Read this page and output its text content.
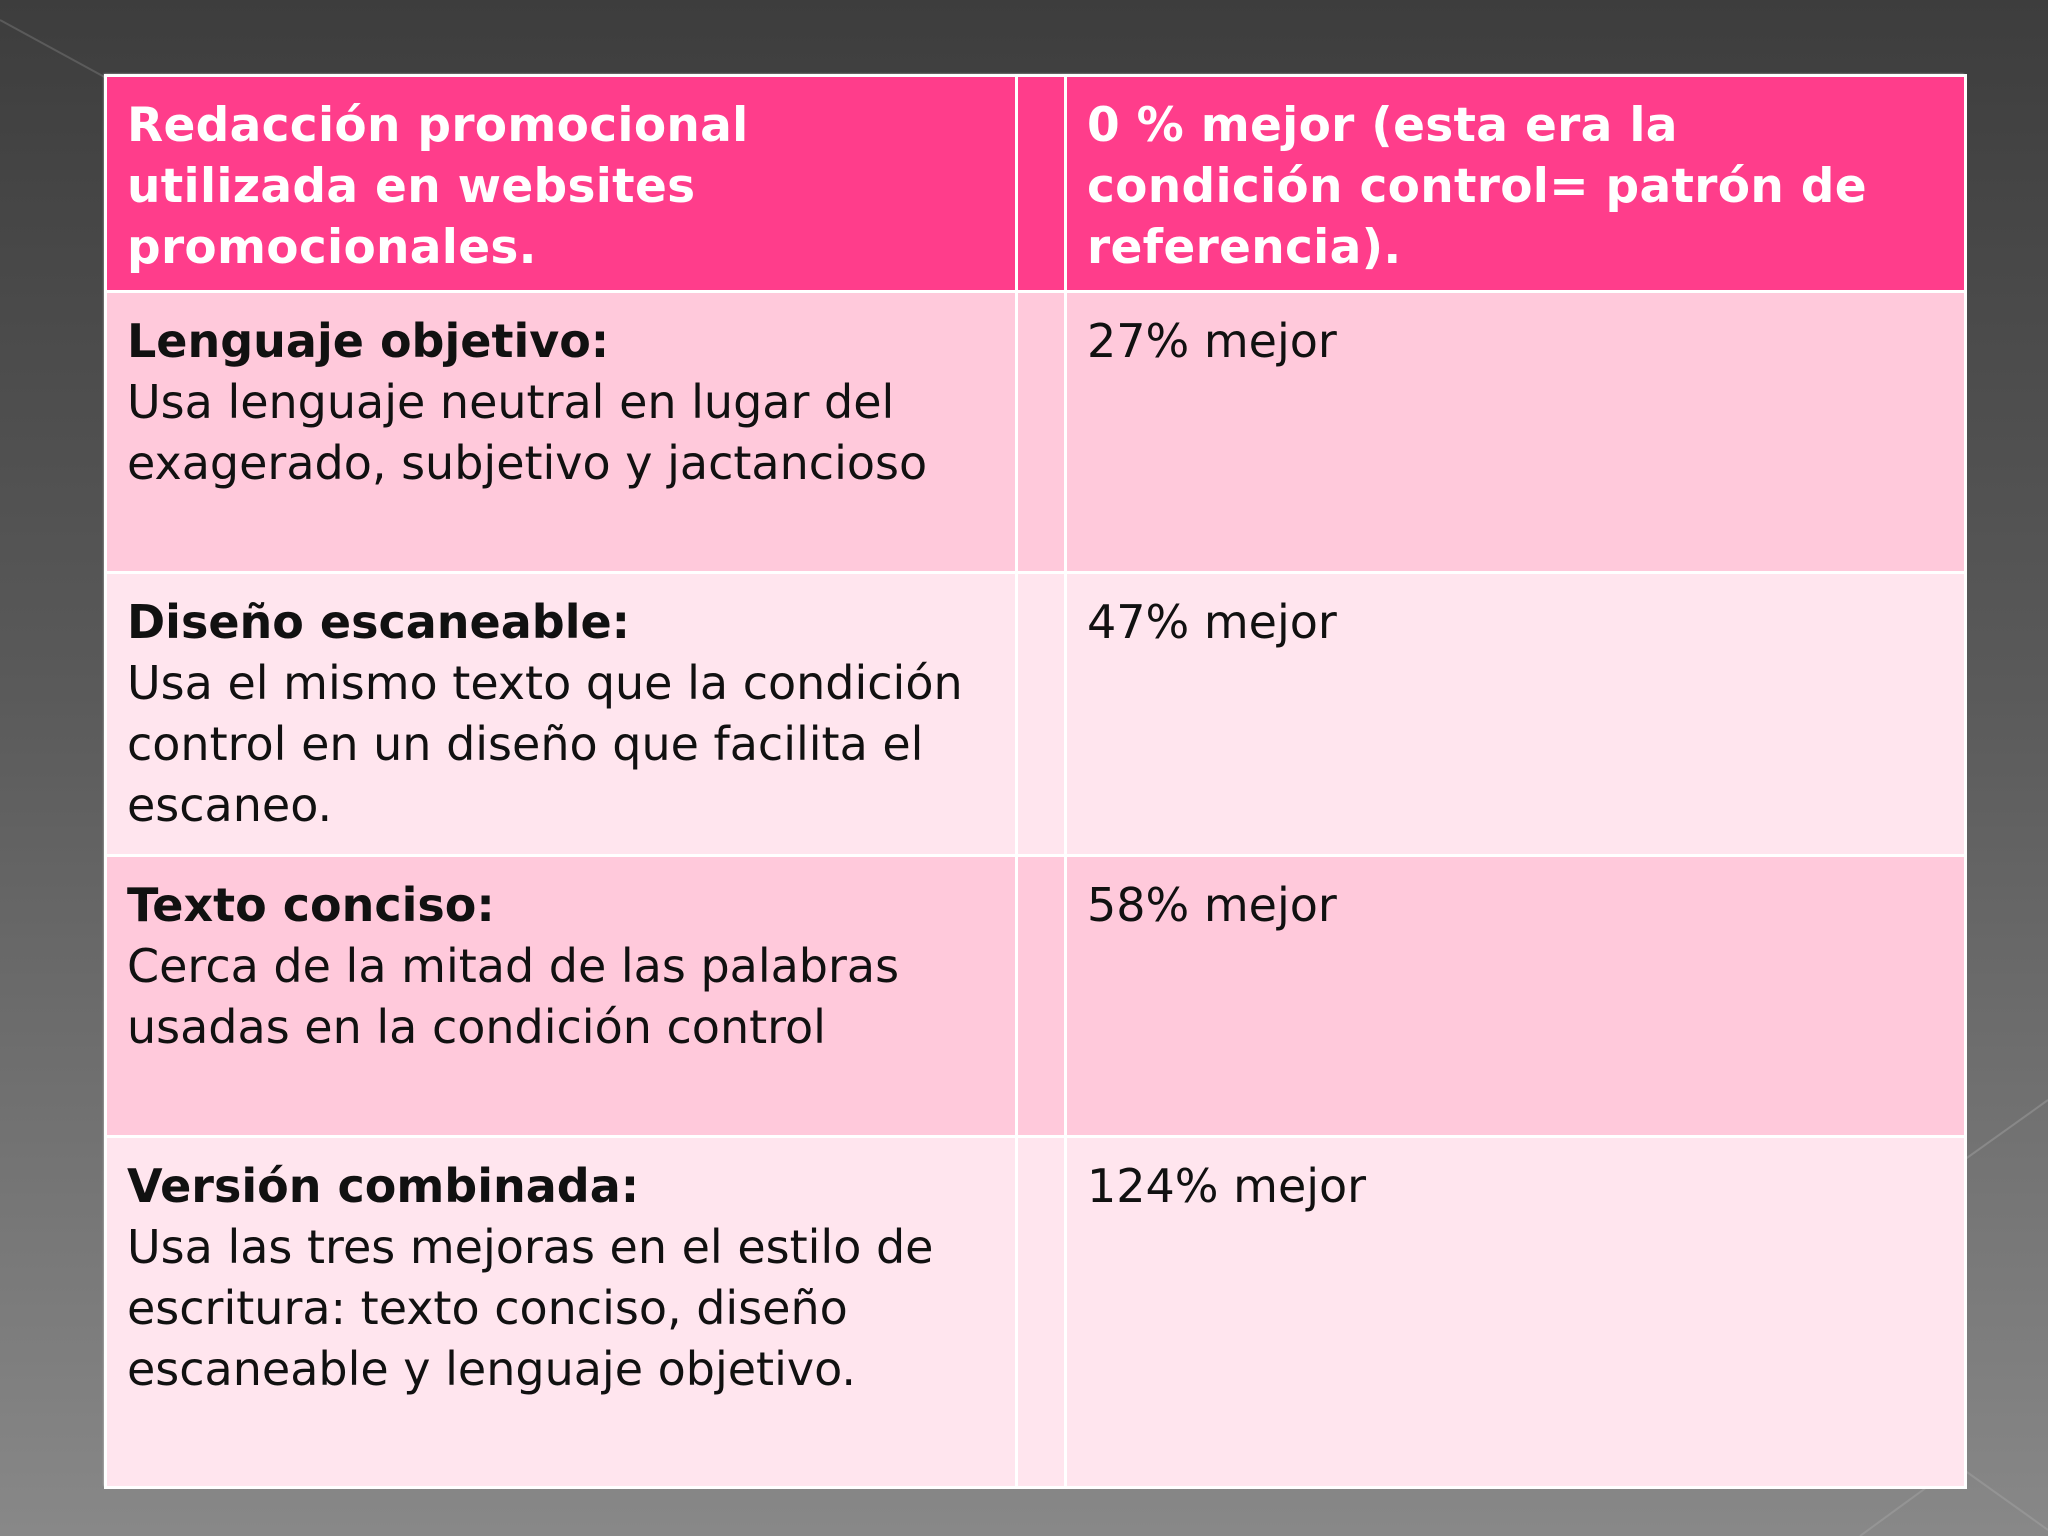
Redacción promocional utilizada en websites promocionales.		0 % mejor (esta era la condición control= patrón de referencia).

Lenguaje objetivo:
Usa lenguaje neutral en lugar del exagerado, subjetivo y jactancioso		27% mejor

Diseño escaneable:
Usa el mismo texto que la condición control en un diseño que facilita el escaneo.		47% mejor

Texto conciso:
Cerca de la mitad de las palabras usadas en la condición control		58% mejor

Versión combinada:
Usa las tres mejoras en el estilo de escritura: texto conciso, diseño escaneable y lenguaje objetivo.		124% mejor
